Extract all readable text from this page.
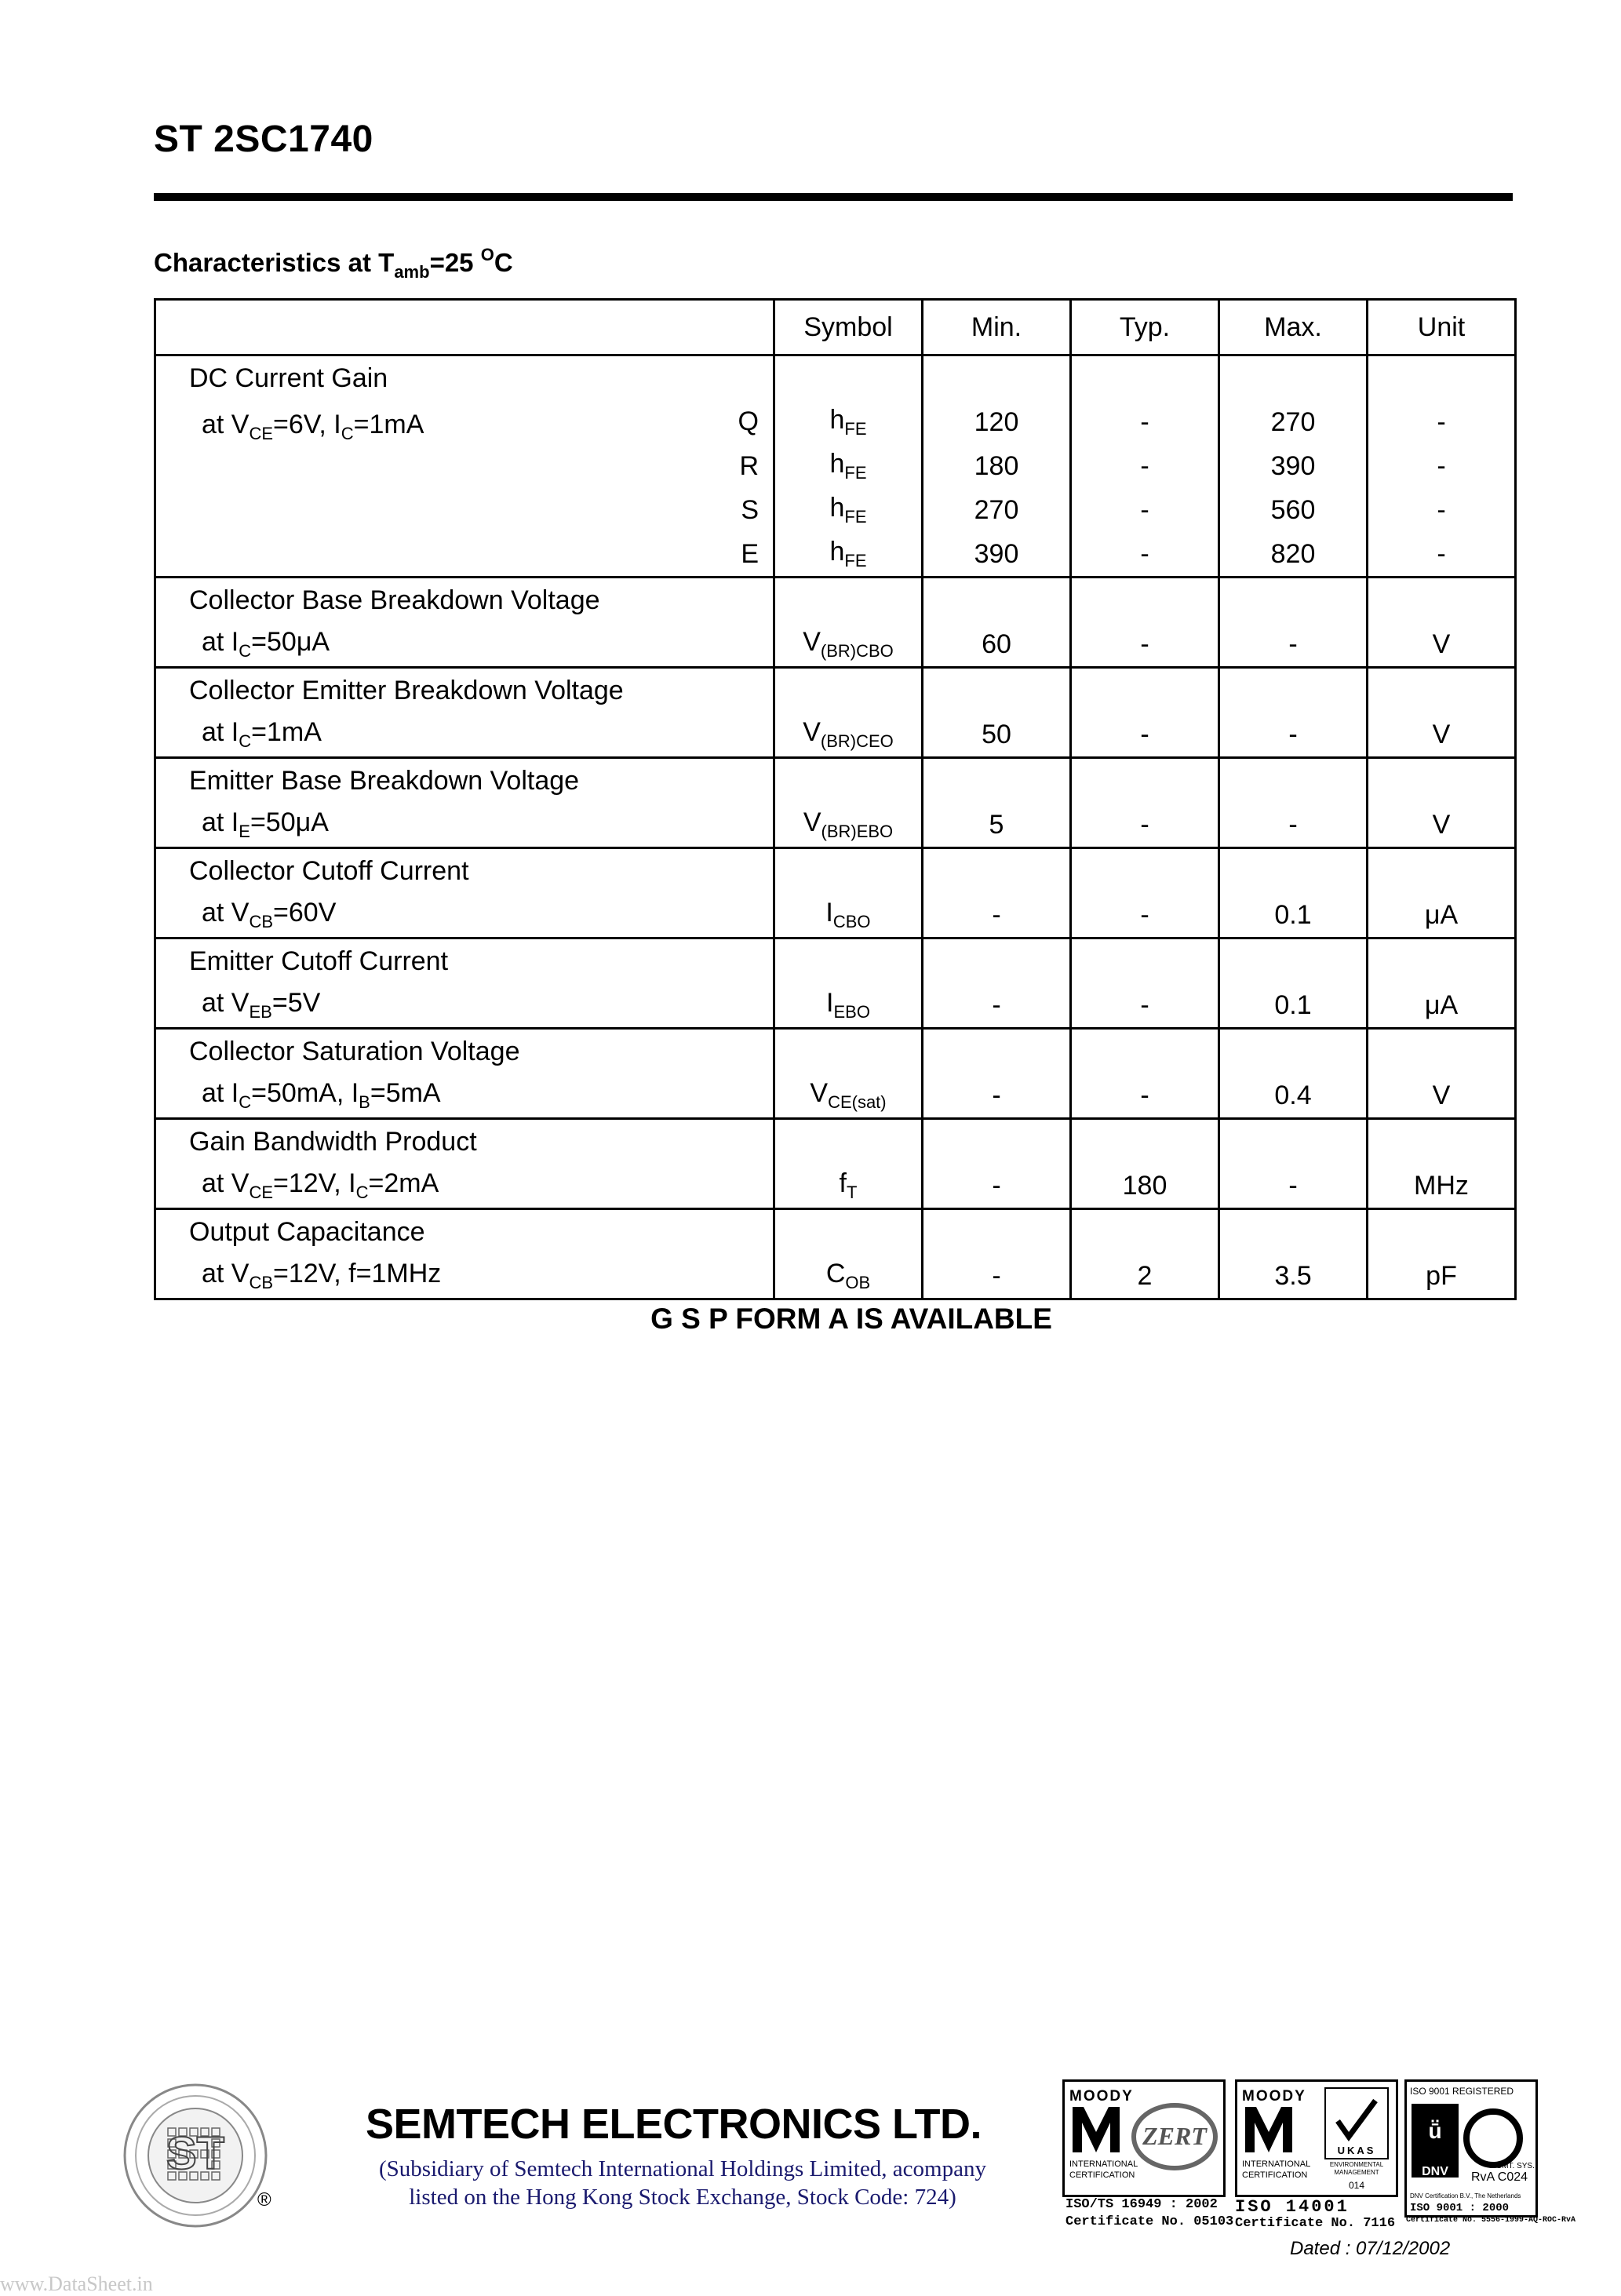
ST 2SC1740
Characteristics at $T_{amb}=25$ $^O$C
	Symbol	Min.	Typ.	Max.	Unit
DC Current Gain					

at $V_{CE}=6V$, $I_C=1mA$ Q	$h_{FE}$	120	-	270	-
R	$h_{FE}$	180	-	390	-
S	$h_{FE}$	270	-	560	-
E	$h_{FE}$	390	-	820	-
Collector Base Breakdown Voltage					
at $I_C=50\mu A$	$V_{(BR)CBO}$	60	-	-	V
Collector Emitter Breakdown Voltage					
at $I_C=1mA$	$V_{(BR)CEO}$	50	-	-	V
Emitter Base Breakdown Voltage					
at $I_E=50\mu A$	$V_{(BR)EBO}$	5	-	-	V
Collector Cutoff Current					
at $V_{CB}=60V$	$I_{CBO}$	-	-	0.1	μA
Emitter Cutoff Current					
at $V_{EB}=5V$	$I_{EBO}$	-	-	0.1	μA
Collector Saturation Voltage					
at $I_C=50mA$, $I_B=5mA$	$V_{CE(sat)}$	-	-	0.4	V
Gain Bandwidth Product					
at $V_{CE}=12V$, $I_C=2mA$	$f_T$	-	180	-	MHz
Output Capacitance					
at $V_{CB}=12V$, f=1MHz	$C_{OB}$	-	2	3.5	pF
G S P FORM A IS AVAILABLE
ST
®
SEMTECH ELECTRONICS LTD.
(Subsidiary of Semtech International Holdings Limited, acompany
listed on the Hong Kong Stock Exchange, Stock Code: 724)
MOODY
ZERT
INTERNATIONAL
CERTIFICATION
ISO/TS 16949 : 2002
Certificate No. 05103
MOODY
UKAS
ENVIRONMENTAL
MANAGEMENT
014
INTERNATIONAL
CERTIFICATION
ISO 14001
Certificate No. 7116
ISO 9001 REGISTERED
ṻ
DNV	MGMT. SYS.
RvA C024
DNV Certification B.V., The Netherlands
ISO 9001 : 2000
Certificate No. 5556-1999-AQ-ROC-RvA
Dated : 07/12/2002
www.DataSheet.in
